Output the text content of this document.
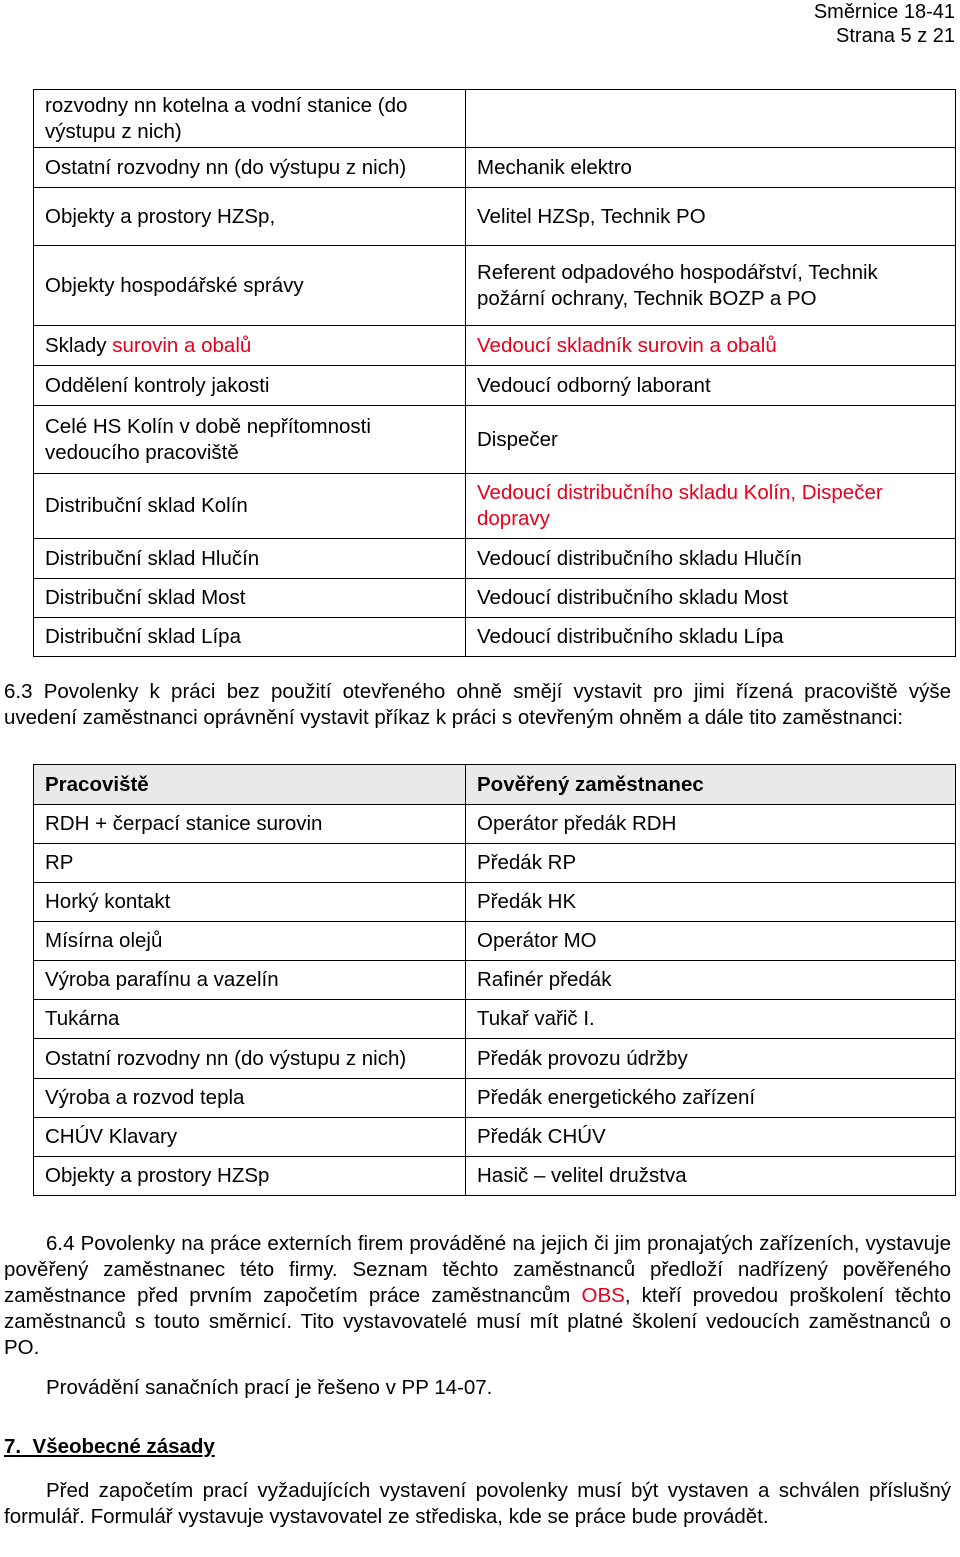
Směrnice 18-41
Strana 5 z 21
rozvodny nn kotelna a vodní stanice (do výstupu z nich)	
Ostatní rozvodny nn (do výstupu z nich)	Mechanik elektro
Objekty a prostory HZSp,	Velitel HZSp, Technik PO
Objekty hospodářské správy	Referent odpadového hospodářství, Technik požární ochrany, Technik BOZP a PO
Sklady surovin a obalů	Vedoucí skladník surovin a obalů
Oddělení kontroly jakosti	Vedoucí odborný laborant
Celé HS Kolín v době nepřítomnosti vedoucího pracoviště	Dispečer
Distribuční sklad Kolín	Vedoucí distribučního skladu Kolín, Dispečer dopravy
Distribuční sklad Hlučín	Vedoucí distribučního skladu Hlučín
Distribuční sklad Most	Vedoucí distribučního skladu Most
Distribuční sklad Lípa	Vedoucí distribučního skladu Lípa
6.3 Povolenky k práci bez použití otevřeného ohně smějí vystavit pro jimi řízená pracoviště výše uvedení zaměstnanci oprávnění vystavit příkaz k práci s otevřeným ohněm a dále tito zaměstnanci:
Pracoviště	Pověřený zaměstnanec
RDH + čerpací stanice surovin	Operátor předák RDH
RP	Předák RP
Horký kontakt	Předák HK
Mísírna olejů	Operátor MO
Výroba parafínu a vazelín	Rafinér předák
Tukárna	Tukař vařič I.
Ostatní rozvodny nn (do výstupu z nich)	Předák provozu údržby
Výroba a rozvod tepla	Předák energetického zařízení
CHÚV Klavary	Předák CHÚV
Objekty a prostory HZSp	Hasič – velitel družstva
6.4 Povolenky na práce externích firem prováděné na jejich či jim pronajatých zařízeních, vystavuje pověřený zaměstnanec této firmy. Seznam těchto zaměstnanců předloží nadřízený pověřeného zaměstnance před prvním započetím práce zaměstnancům OBS, kteří provedou proškolení těchto zaměstnanců s touto směrnicí. Tito vystavovatelé musí mít platné školení vedoucích zaměstnanců o PO.
Provádění sanačních prací je řešeno v PP 14-07.
7. Všeobecné zásady
Před započetím prací vyžadujících vystavení povolenky musí být vystaven a schválen příslušný formulář. Formulář vystavuje vystavovatel ze střediska, kde se práce bude provádět.
